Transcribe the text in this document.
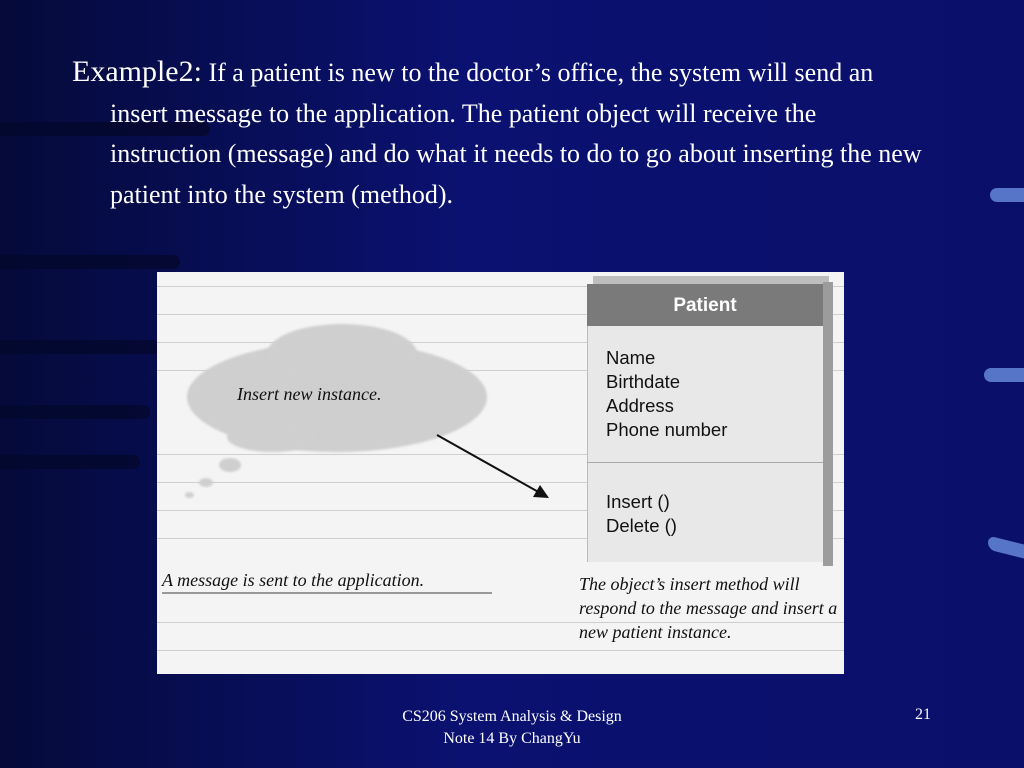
Example2: If a patient is new to the doctor’s office, the system will send an insert message to the application. The patient object will receive the instruction (message) and do what it needs to do to go about inserting the new patient into the system (method).

Insert new instance.
A message is sent to the application.
Patient
Name
Birthdate
Address
Phone number
Insert ()
Delete ()
The object’s insert method will respond to the message and insert a new patient instance.
CS206 System Analysis & Design
Note 14 By ChangYu
21
